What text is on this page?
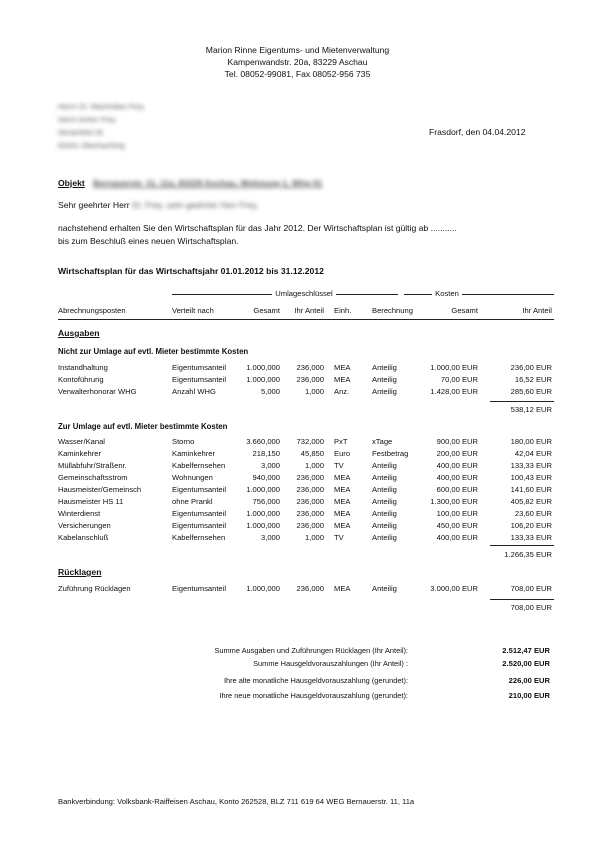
Marion Rinne Eigentums- und Mietenverwaltung
Kampenwandstr. 20a, 83229 Aschau
Tel. 08052-99081, Fax 08052-956 735
Herrn Dr. Maximilian Frey
Herrn Anton Frey
Winterfeld 28
82041 Oberhaching
Frasdorf, den 04.04.2012
Objekt Bernauerstr. 11, 11a, 83229 Aschau, Wohnung 1, Whg 01
Sehr geehrter Herr Dr. Frey, sehr geehrter Herr Frey,
nachstehend erhalten Sie den Wirtschaftsplan für das Jahr 2012. Der Wirtschaftsplan ist gültig ab ...........
bis zum Beschluß eines neuen Wirtschaftsplan.
Wirtschaftsplan für das Wirtschaftsjahr 01.01.2012 bis 31.12.2012
Umlageschlüssel	Kosten
Abrechnungsposten	Verteilt nach	Gesamt	Ihr Anteil Einh.	Berechnung	Gesamt	Ihr Anteil
Ausgaben
Nicht zur Umlage auf evtl. Mieter bestimmte Kosten
Instandhaltung	Eigentumsanteil	1.000,000	236,000 MEA	Anteilig	1.000,00 EUR	236,00 EUR
Kontoführung	Eigentumsanteil	1.000,000	236,000 MEA	Anteilig	70,00 EUR	16,52 EUR
Verwalterhonorar WHG	Anzahl WHG	5,000	1,000 Anz.	Anteilig	1.428,00 EUR	285,60 EUR
538,12 EUR
Zur Umlage auf evtl. Mieter bestimmte Kosten
Wasser/Kanal	Storno	3.660,000	732,000 PxT	xTage	900,00 EUR	180,00 EUR
Kaminkehrer	Kaminkehrer	218,150	45,850 Euro	Festbetrag	200,00 EUR	42,04 EUR
Müllabfuhr/Straßenr.	Kabelfernsehen	3,000	1,000 TV	Anteilig	400,00 EUR	133,33 EUR
Gemeinschaftsstrom	Wohnungen	940,000	236,000 MEA	Anteilig	400,00 EUR	100,43 EUR
Hausmeister/Gemeinsch	Eigentumsanteil	1.000,000	236,000 MEA	Anteilig	600,00 EUR	141,60 EUR
Hausmeister HS 11	ohne Prankl	756,000	236,000 MEA	Anteilig	1.300,00 EUR	405,82 EUR
Winterdienst	Eigentumsanteil	1.000,000	236,000 MEA	Anteilig	100,00 EUR	23,60 EUR
Versicherungen	Eigentumsanteil	1.000,000	236,000 MEA	Anteilig	450,00 EUR	106,20 EUR
Kabelanschluß	Kabelfernsehen	3,000	1,000 TV	Anteilig	400,00 EUR	133,33 EUR
1.266,35 EUR
Rücklagen
Zuführung Rücklagen	Eigentumsanteil	1.000,000	236,000 MEA	Anteilig	3.000,00 EUR	708,00 EUR
708,00 EUR
Summe Ausgaben und Zuführungen Rücklagen (Ihr Anteil):	2.512,47 EUR
Summe Hausgeldvorauszahlungen (Ihr Anteil) :	2.520,00 EUR
Ihre alte monatliche Hausgeldvorauszahlung (gerundet):	226,00 EUR
Ihre neue monatliche Hausgeldvorauszahlung (gerundet):	210,00 EUR
Bankverbindung: Volksbank-Raiffeisen Aschau, Konto 262528, BLZ 711 619 64 WEG Bernauerstr. 11, 11a
